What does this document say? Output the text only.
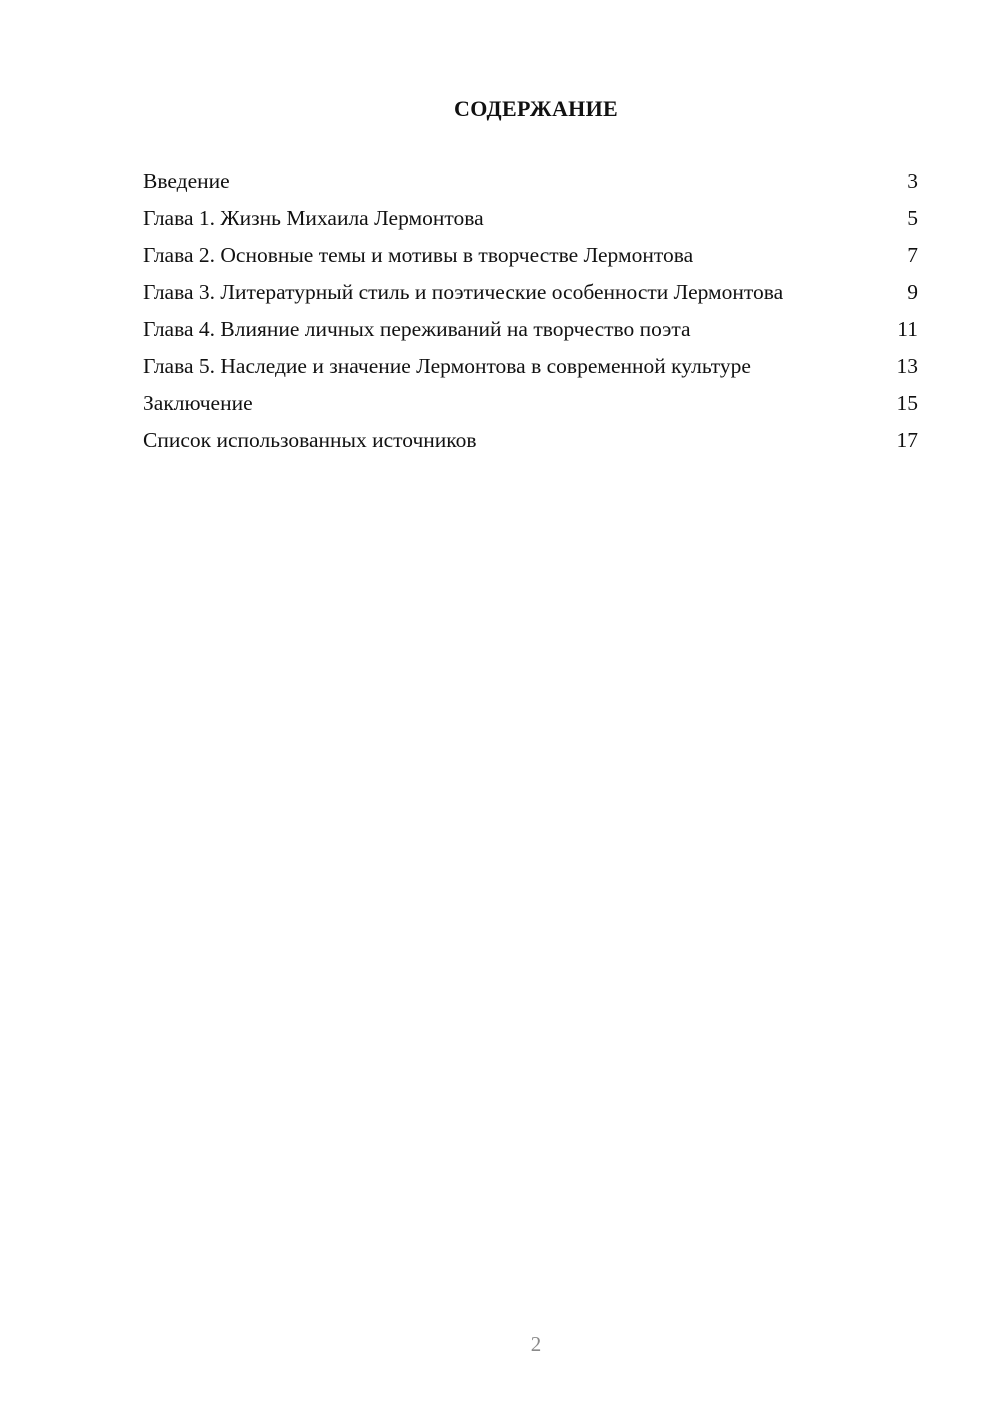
СОДЕРЖАНИЕ
Введение	3
Глава 1. Жизнь Михаила Лермонтова	5
Глава 2. Основные темы и мотивы в творчестве Лермонтова	7
Глава 3. Литературный стиль и поэтические особенности Лермонтова	9
Глава 4. Влияние личных переживаний на творчество поэта	11
Глава 5. Наследие и значение Лермонтова в современной культуре	13
Заключение	15
Список использованных источников	17
2
